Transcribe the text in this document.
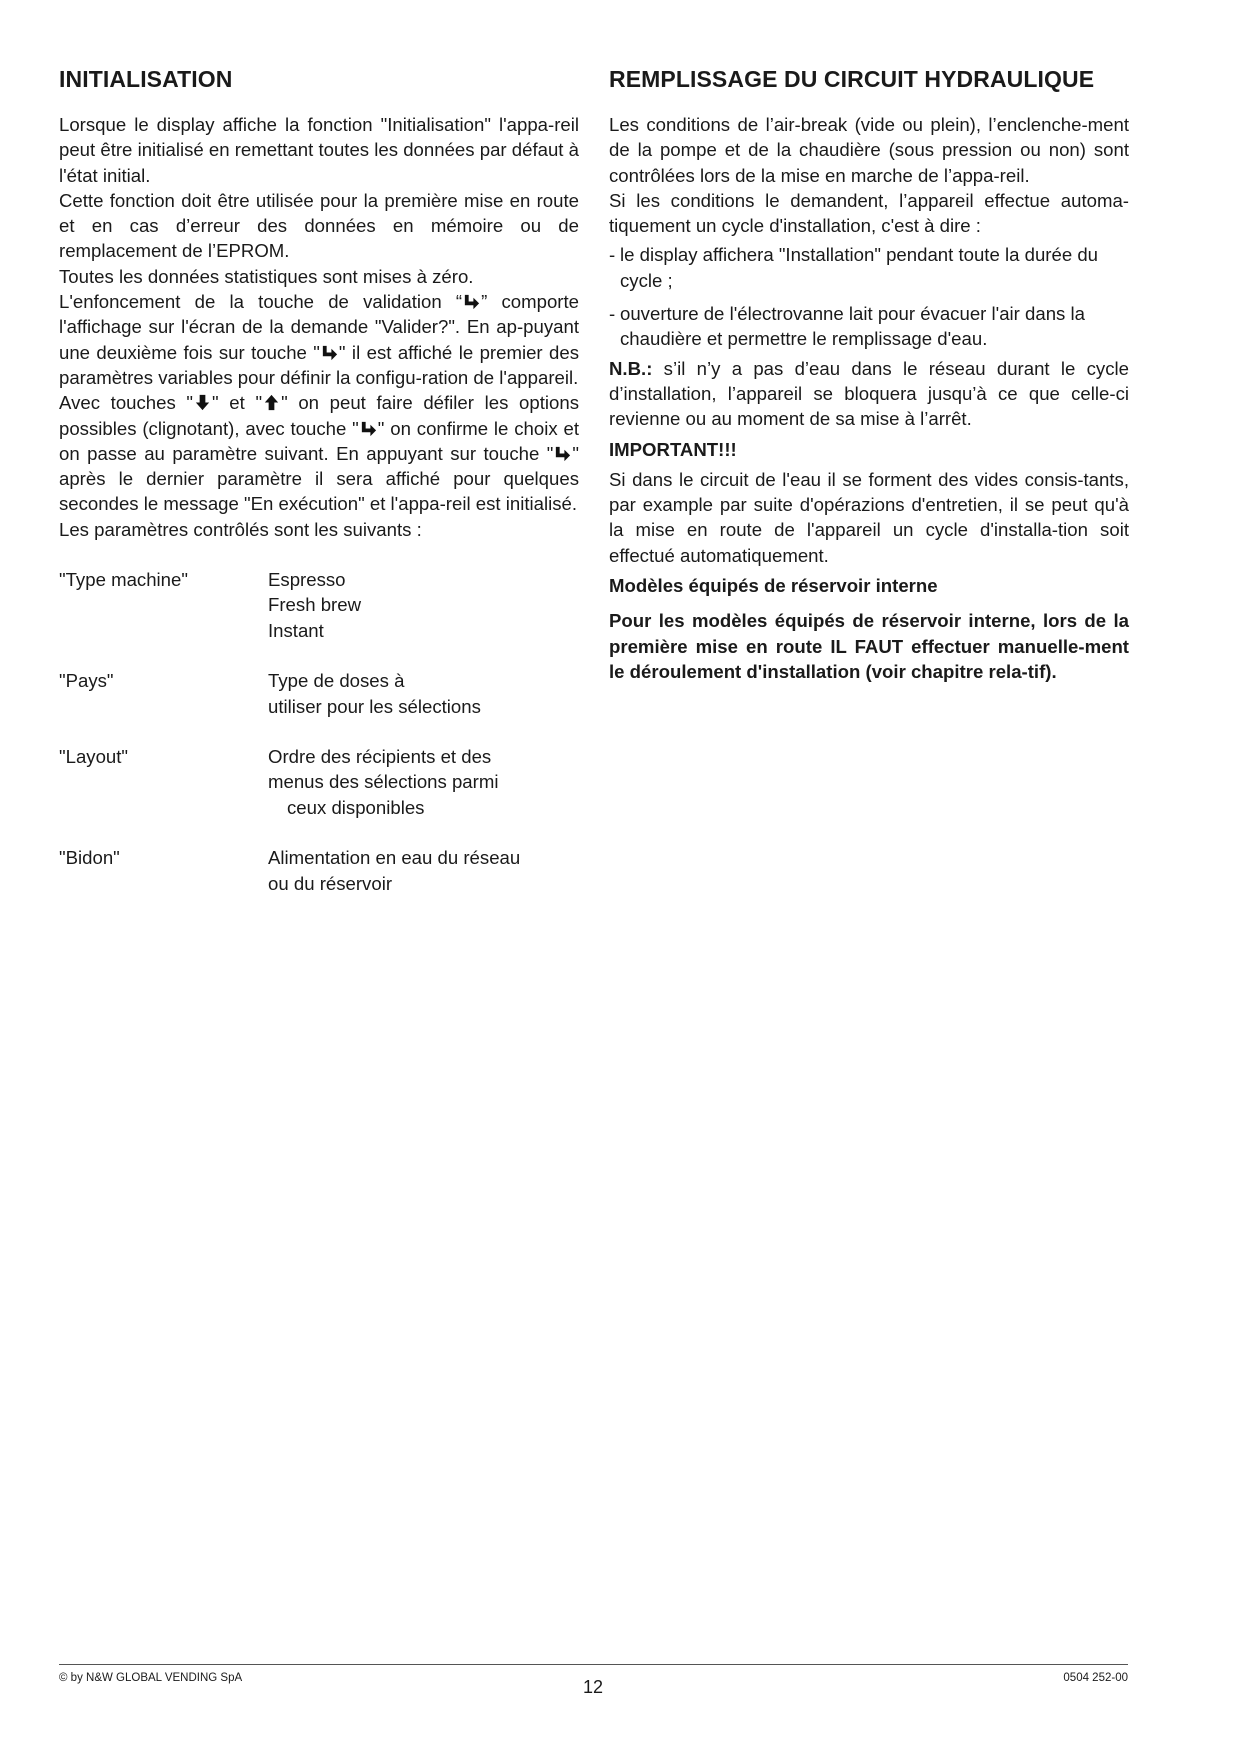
INITIALISATION

Lorsque le display affiche la fonction "Initialisation" l'appa-reil peut être initialisé en remettant toutes les données par défaut à l'état initial.

Cette fonction doit être utilisée pour la première mise en route et en cas d’erreur des données en mémoire ou de remplacement de l’EPROM.

Toutes les données statistiques sont mises à zéro.

L'enfoncement de la touche de validation “ ” comporte l'affichage sur l'écran de la demande "Valider?". En ap-puyant une deuxième fois sur touche " " il est affiché le premier des paramètres variables pour définir la configu-ration de l'appareil.

Avec touches " " et " " on peut faire défiler les options possibles (clignotant), avec touche " " on confirme le choix et on passe au paramètre suivant. En appuyant sur touche " " après le dernier paramètre il sera affiché pour quelques secondes le message "En exécution" et l'appa-reil est initialisé.

Les paramètres contrôlés sont les suivants :

"Type machine"	Espresso
Fresh brew
Instant
"Pays"	Type de doses à
utiliser pour les sélections
"Layout"	Ordre des récipients et des
menus des sélections parmi
ceux disponibles
"Bidon"	Alimentation en eau du réseau
ou du réservoir
REMPLISSAGE DU CIRCUIT HYDRAULIQUE

Les conditions de l’air-break (vide ou plein), l’enclenche-ment de la pompe et de la chaudière (sous pression ou non) sont contrôlées lors de la mise en marche de l’appa-reil.

Si les conditions le demandent, l’appareil effectue automa-tiquement un cycle d'installation, c'est à dire :

- le display affichera "Installation" pendant toute la durée du cycle ;
- ouverture de l'électrovanne lait pour évacuer l'air dans la chaudière et permettre le remplissage d'eau.

N.B.: s’il n’y a pas d’eau dans le réseau durant le cycle d’installation, l’appareil se bloquera jusqu’à ce que celle-ci revienne ou au moment de sa mise à l’arrêt.

IMPORTANT!!!

Si dans le circuit de l'eau il se forment des vides consis-tants, par example par suite d'opérazions d'entretien, il se peut qu'à la mise en route de l'appareil un cycle d'installa-tion soit effectué automatiquement.

Modèles équipés de réservoir interne

Pour les modèles équipés de réservoir interne, lors de la première mise en route IL FAUT effectuer manuelle-ment le déroulement d'installation (voir chapitre rela-tif).

© by N&W GLOBAL VENDING SpA	12	0504 252-00
